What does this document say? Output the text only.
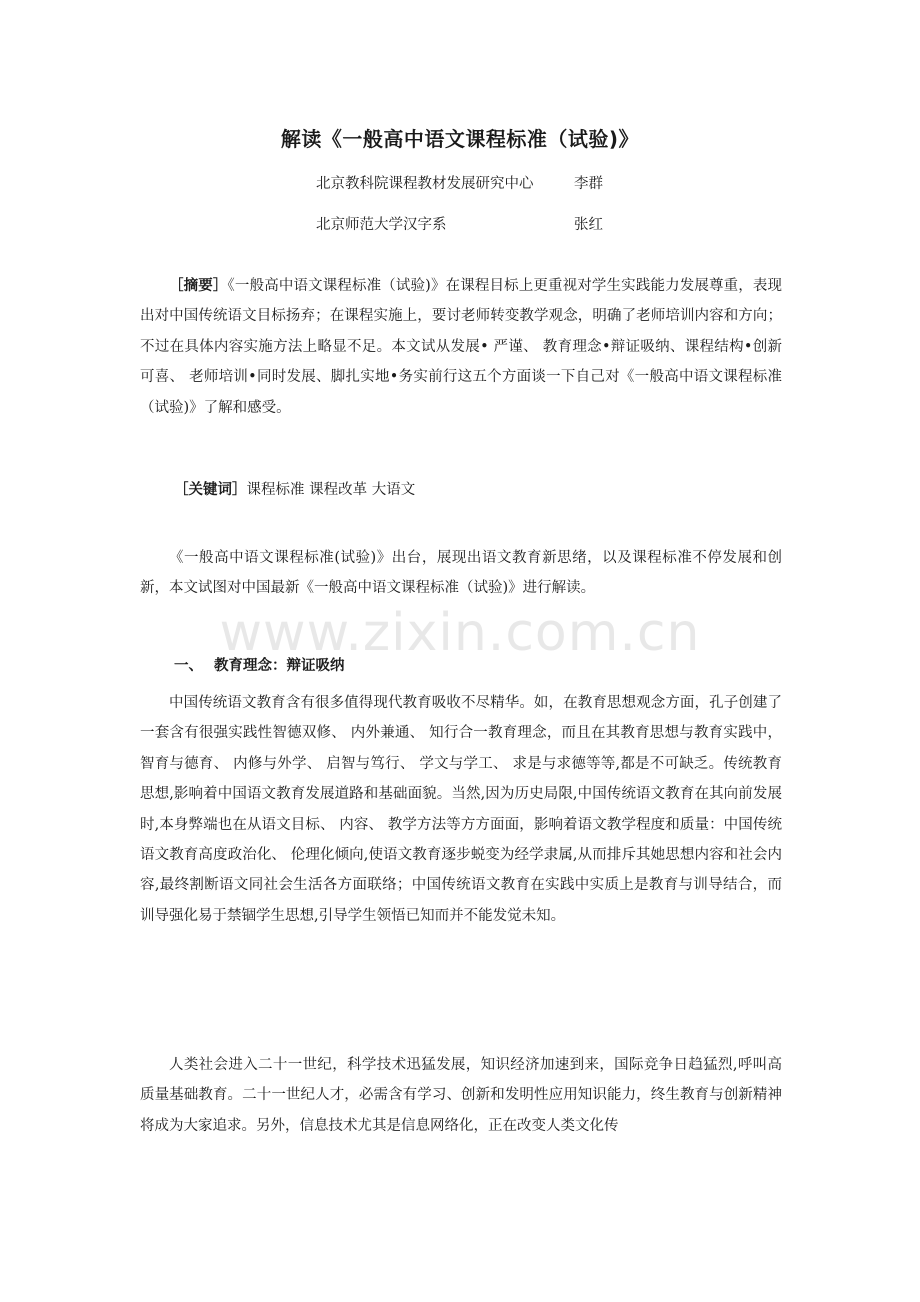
解读《一般高中语文课程标准（试验)》
北京教科院课程教材发展研究中心	李群
北京师范大学汉字系	张红

［摘要］《一般高中语文课程标准（试验)》在课程目标上更重视对学生实践能力发展尊重，表现出对中国传统语文目标扬弃；在课程实施上，要讨老师转变教学观念，明确了老师培训内容和方向；不过在具体内容实施方法上略显不足。本文试从发展• 严谨、 教育理念•辩证吸纳、课程结构•创新可喜、 老师培训•同时发展、脚扎实地•务实前行这五个方面谈一下自己对《一般高中语文课程标准（试验)》了解和感受。

［关键词］课程标准 课程改革 大语文

《一般高中语文课程标准(试验)》出台，展现出语文教育新思绪，以及课程标准不停发展和创新，本文试图对中国最新《一般高中语文课程标准（试验)》进行解读。

www.zixin.com.cn
一、 教育理念：辩证吸纳

中国传统语文教育含有很多值得现代教育吸收不尽精华。如，在教育思想观念方面，孔子创建了一套含有很强实践性智德双修、 内外兼通、 知行合一教育理念，而且在其教育思想与教育实践中，智育与德育、 内修与外学、 启智与笃行、 学文与学工、 求是与求德等等,都是不可缺乏。传统教育思想,影响着中国语文教育发展道路和基础面貌。当然,因为历史局限,中国传统语文教育在其向前发展时,本身弊端也在从语文目标、 内容、 教学方法等方方面面，影响着语文教学程度和质量：中国传统语文教育高度政治化、 伦理化倾向,使语文教育逐步蜕变为经学隶属,从而排斥其她思想内容和社会内容,最终割断语文同社会生活各方面联络；中国传统语文教育在实践中实质上是教育与训导结合，而训导强化易于禁锢学生思想,引导学生领悟已知而并不能发觉未知。

人类社会进入二十一世纪，科学技术迅猛发展，知识经济加速到来，国际竞争日趋猛烈,呼叫高质量基础教育。二十一世纪人才，必需含有学习、创新和发明性应用知识能力，终生教育与创新精神将成为大家追求。另外，信息技术尤其是信息网络化，正在改变人类文化传
